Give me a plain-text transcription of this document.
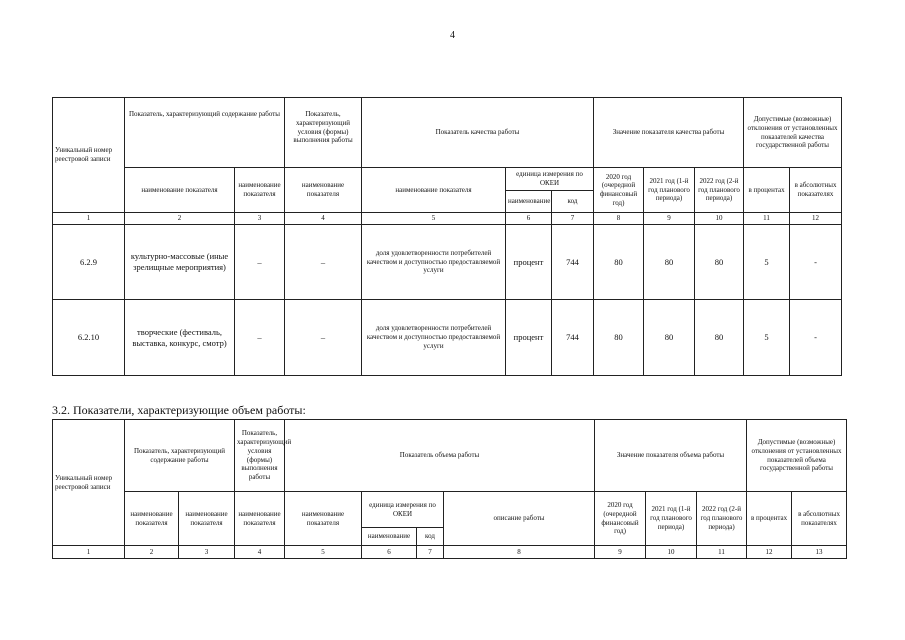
4
Уникальный номер реестровой записи	Показатель, характеризующий содержание работы		Показатель, характеризующий условия (формы) выполнения работы	Показатель качества работы			Значение показателя качества работы			Допустимые (возможные) отклонения от установленных показателей качества государственной работы	
	наименование показателя	наименование показателя	наименование показателя	наименование показателя	единица измерения по ОКЕИ		2020 год (очередной финансовый год)	2021 год (1-й год планового периода)	2022 год (2-й год планового периода)	в процентах	в абсолютных показателях
					наименование	код					
1	2	3	4	5	6	7	8	9	10	11	12
6.2.9	культурно-массовые (иные зрелищные мероприятия)	–	–	доля удовлетворенности потребителей качеством и доступностью предоставляемой услуги	процент	744	80	80	80	5	-
6.2.10	творческие (фестиваль, выставка, конкурс, смотр)	–	–	доля удовлетворенности потребителей качеством и доступностью предоставляемой услуги	процент	744	80	80	80	5	-
3.2. Показатели, характеризующие объем работы:
Уникальный номер реестровой записи	Показатель, характеризующий содержание работы		Показатель, характеризующий условия (формы) выполнения работы	Показатель объема работы				Значение показателя объема работы			Допустимые (возможные) отклонения от установленных показателей объема государственной работы	
	наименование показателя	наименование показателя	наименование показателя	наименование показателя	единица измерения по ОКЕИ		описание работы	2020 год (очередной финансовый год)	2021 год (1-й год планового периода)	2022 год (2-й год планового периода)	в процентах	в абсолютных показателях
					наименование	код						
1	2	3	4	5	6	7	8	9	10	11	12	13
